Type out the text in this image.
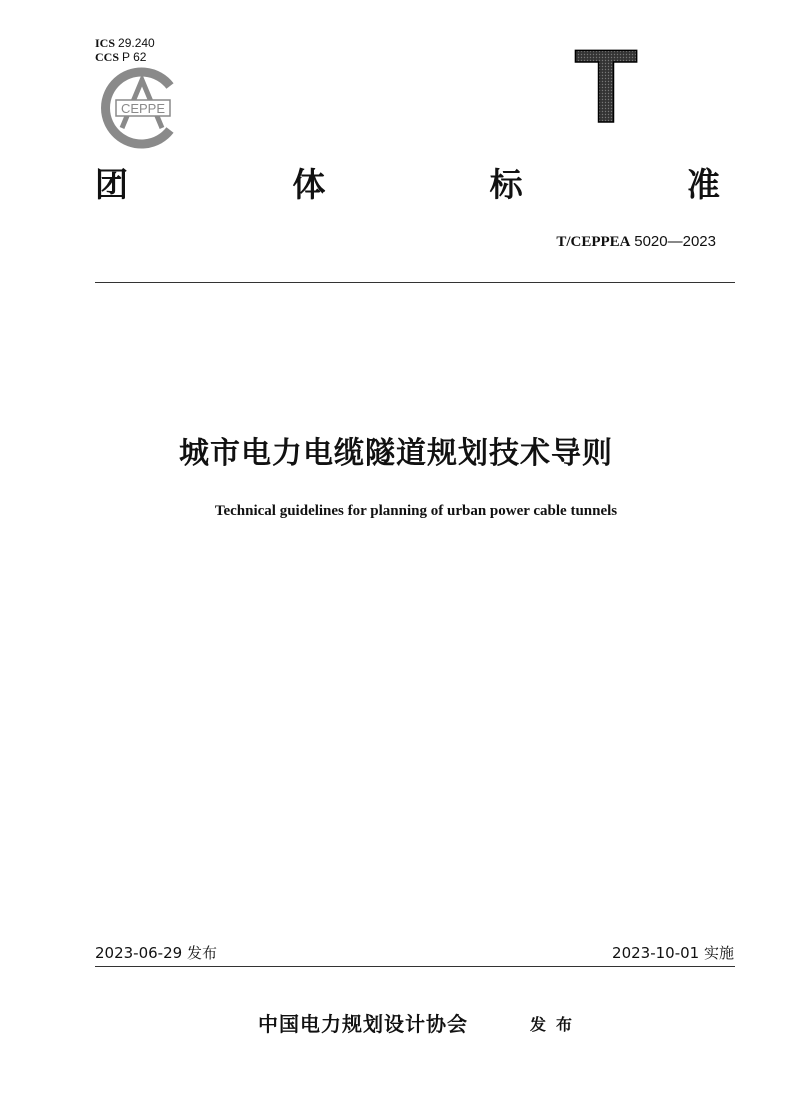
ICS 29.240
CCS P 62
CEPPE	T
团	体	标	准
T/CEPPEA 5020—2023
城市电力电缆隧道规划技术导则
Technical guidelines for planning of urban power cable tunnels
2023-06-29 发布	2023-10-01 实施
中国电力规划设计协会	发布
